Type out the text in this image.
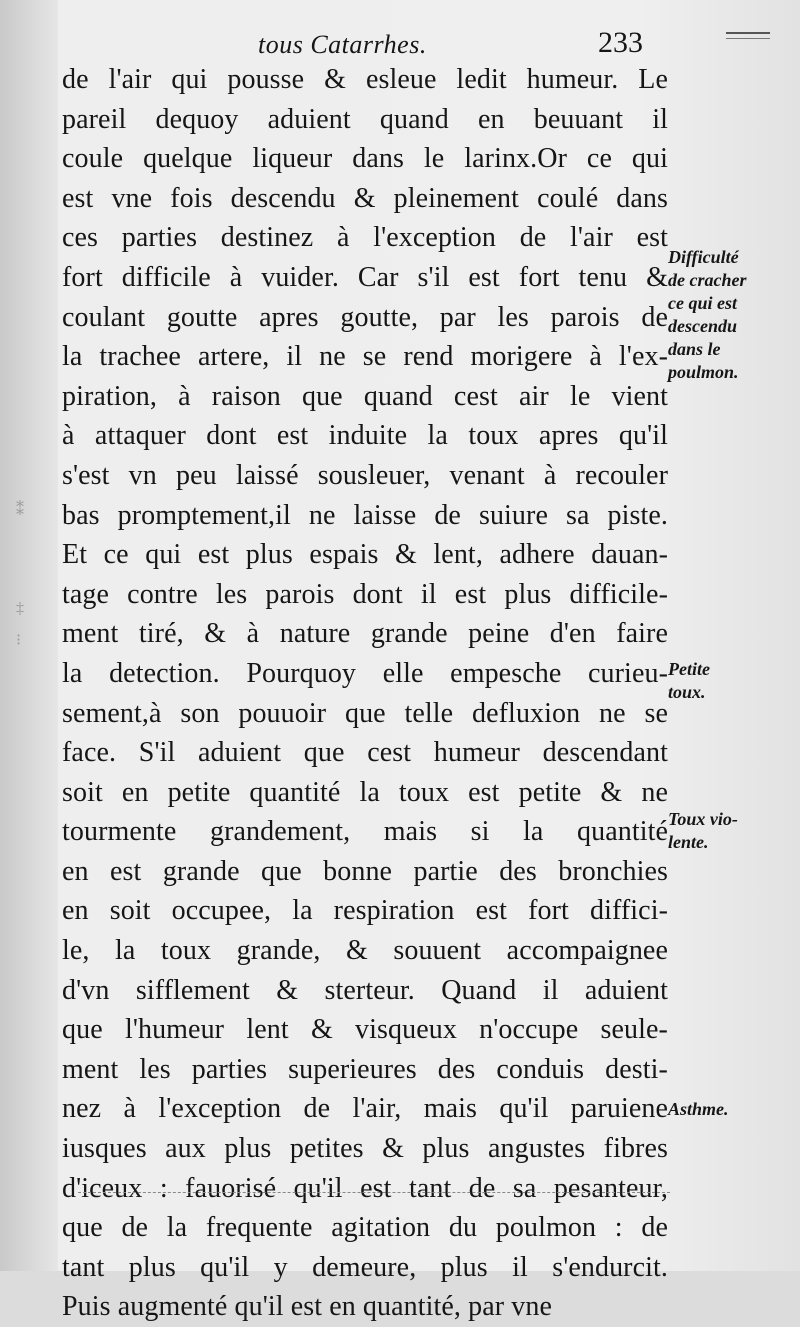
tous Catarrhes.	233
de l'air qui pousse & esleue ledit humeur. Le
pareil dequoy aduient quand en beuuant il
coule quelque liqueur dans le larinx.Or ce qui
est vne fois descendu & pleinement coulé dans
ces parties destinez à l'exception de l'air est
fort difficile à vuider. Car s'il est fort tenu &
coulant goutte apres goutte, par les parois de
la trachee artere, il ne se rend morigere à l'ex-
piration, à raison que quand cest air le vient
à attaquer dont est induite la toux apres qu'il
s'est vn peu laissé sousleuer, venant à recouler
bas promptement,il ne laisse de suiure sa piste.
Et ce qui est plus espais & lent, adhere dauan-
tage contre les parois dont il est plus difficile-
ment tiré, & à nature grande peine d'en faire
la detection. Pourquoy elle empesche curieu-
sement,à son pouuoir que telle defluxion ne se
face. S'il aduient que cest humeur descendant
soit en petite quantité la toux est petite & ne
tourmente grandement, mais si la quantité
en est grande que bonne partie des bronchies
en soit occupee, la respiration est fort diffici-
le, la toux grande, & souuent accompaignee
d'vn sifflement & sterteur. Quand il aduient
que l'humeur lent & visqueux n'occupe seule-
ment les parties superieures des conduis desti-
nez à l'exception de l'air, mais qu'il paruiene
iusques aux plus petites & plus angustes fibres
d'iceux : fauorisé qu'il est tant de sa pesanteur,
que de la frequente agitation du poulmon : de
tant plus qu'il y demeure, plus il s'endurcit.
Puis augmenté qu'il est en quantité, par vne
Difficulté
de cracher
ce qui est
descendu
dans le
poulmon.
Petite
toux.
Toux vio-
lente.
Asthme.
⁑
‡
⁝
